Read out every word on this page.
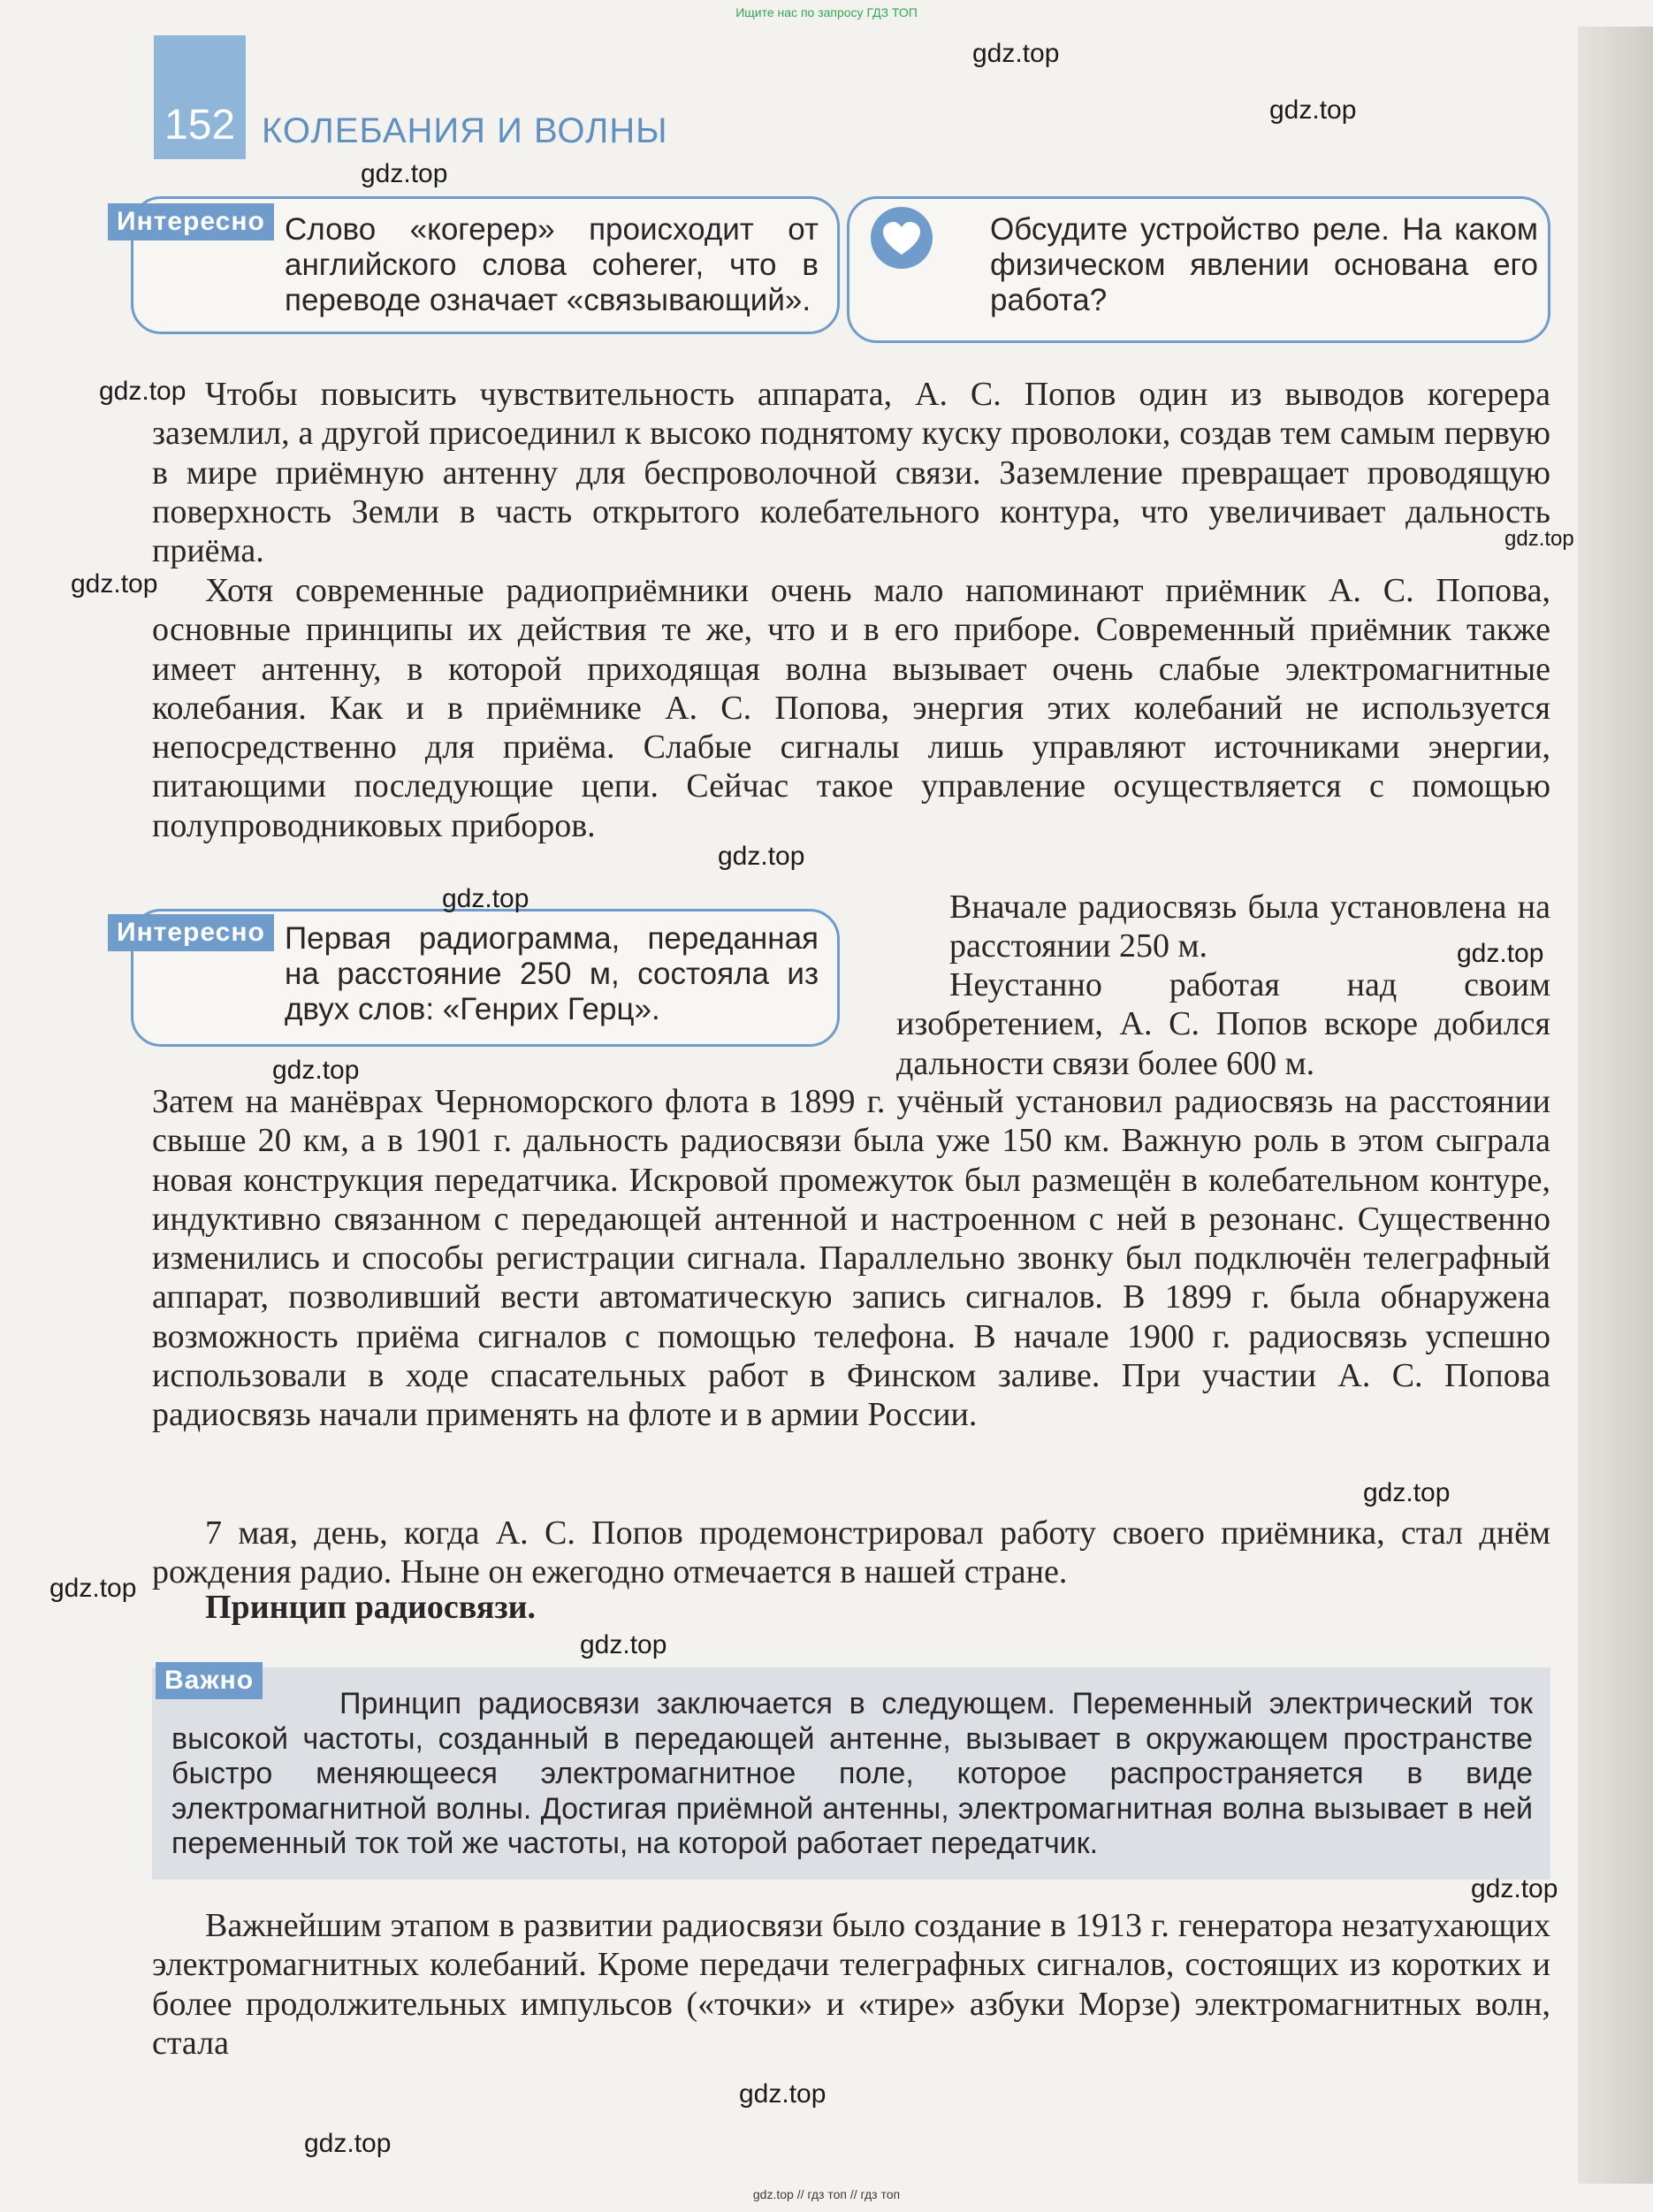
Ищите нас по запросу ГДЗ ТОП
152 КОЛЕБАНИЯ И ВОЛНЫ
Интересно Слово «когерер» происходит от английского слова coherer, что в переводе означает «связывающий».
Обсудите устройство реле. На каком физическом явлении основана его работа?
Чтобы повысить чувствительность аппарата, А. С. Попов один из выводов когерера заземлил, а другой присоединил к высоко поднятому куску проволоки, создав тем самым первую в мире приёмную антенну для беспроволочной связи. Заземление превращает проводящую поверхность Земли в часть открытого колебательного контура, что увеличивает дальность приёма.
Хотя современные радиоприёмники очень мало напоминают приёмник А. С. Попова, основные принципы их действия те же, что и в его приборе. Современный приёмник также имеет антенну, в которой приходящая волна вызывает очень слабые электромагнитные колебания. Как и в приёмнике А. С. Попова, энергия этих колебаний не используется непосредственно для приёма. Слабые сигналы лишь управляют источниками энергии, питающими последующие цепи. Сейчас такое управление осуществляется с помощью полупроводниковых приборов.
Интересно Первая радиограмма, переданная на расстояние 250 м, состояла из двух слов: «Генрих Герц».
Вначале радиосвязь была установлена на расстоянии 250 м.
Неустанно работая над своим изобретением, А. С. Попов вскоре добился дальности связи более 600 м.
Затем на манёврах Черноморского флота в 1899 г. учёный установил радиосвязь на расстоянии свыше 20 км, а в 1901 г. дальность радиосвязи была уже 150 км. Важную роль в этом сыграла новая конструкция передатчика. Искровой промежуток был размещён в колебательном контуре, индуктивно связанном с передающей антенной и настроенном с ней в резонанс. Существенно изменились и способы регистрации сигнала. Параллельно звонку был подключён телеграфный аппарат, позволивший вести автоматическую запись сигналов. В 1899 г. была обнаружена возможность приёма сигналов с помощью телефона. В начале 1900 г. радиосвязь успешно использовали в ходе спасательных работ в Финском заливе. При участии А. С. Попова радиосвязь начали применять на флоте и в армии России.
7 мая, день, когда А. С. Попов продемонстрировал работу своего приёмника, стал днём рождения радио. Ныне он ежегодно отмечается в нашей стране.
Принцип радиосвязи.
Важно
Принцип радиосвязи заключается в следующем. Переменный электрический ток высокой частоты, созданный в передающей антенне, вызывает в окружающем пространстве быстро меняющееся электромагнитное поле, которое распространяется в виде электромагнитной волны. Достигая приёмной антенны, электромагнитная волна вызывает в ней переменный ток той же частоты, на которой работает передатчик.
Важнейшим этапом в развитии радиосвязи было создание в 1913 г. генератора незатухающих электромагнитных колебаний. Кроме передачи телеграфных сигналов, состоящих из коротких и более продолжительных импульсов («точки» и «тире» азбуки Морзе) электромагнитных волн, стала
gdz.top
gdz.top
gdz.top
gdz.top
gdz.top
gdz.top
gdz.top
gdz.top
gdz.top
gdz.top
gdz.top
gdz.top
gdz.top
gdz.top
gdz.top
gdz.top
gdz.top // гдз топ // гдз топ
